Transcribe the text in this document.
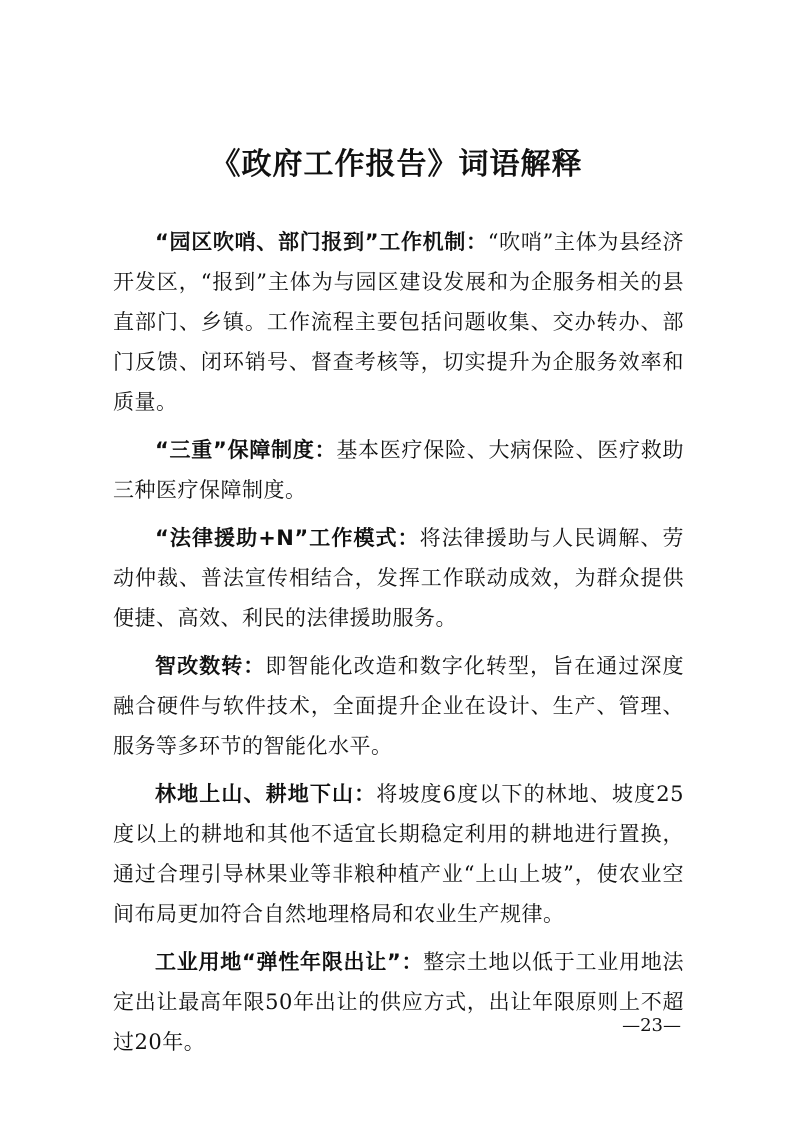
《政府工作报告》词语解释

“园区吹哨、部门报到”工作机制：“吹哨”主体为县经济开发区，“报到”主体为与园区建设发展和为企服务相关的县直部门、乡镇。工作流程主要包括问题收集、交办转办、部门反馈、闭环销号、督查考核等，切实提升为企服务效率和质量。

“三重”保障制度：基本医疗保险、大病保险、医疗救助三种医疗保障制度。

“法律援助+N”工作模式：将法律援助与人民调解、劳动仲裁、普法宣传相结合，发挥工作联动成效，为群众提供便捷、高效、利民的法律援助服务。

智改数转：即智能化改造和数字化转型，旨在通过深度融合硬件与软件技术，全面提升企业在设计、生产、管理、服务等多环节的智能化水平。

林地上山、耕地下山：将坡度6度以下的林地、坡度25度以上的耕地和其他不适宜长期稳定利用的耕地进行置换，通过合理引导林果业等非粮种植产业“上山上坡”，使农业空间布局更加符合自然地理格局和农业生产规律。

工业用地“弹性年限出让”：整宗土地以低于工业用地法定出让最高年限50年出让的供应方式，出让年限原则上不超过20年。

—23—
